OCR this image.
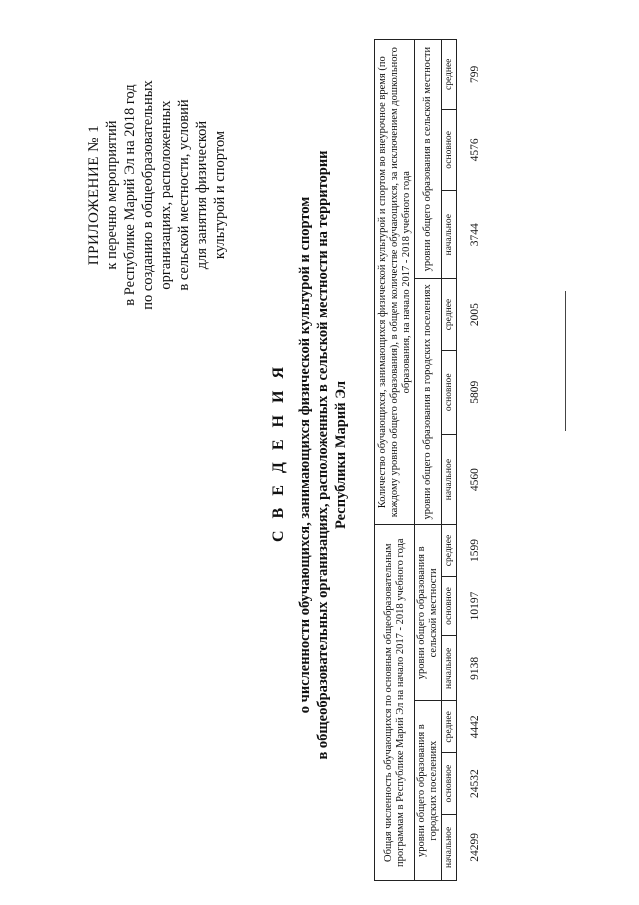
ПРИЛОЖЕНИЕ № 1 к перечню мероприятий в Республике Марий Эл на 2018 год по созданию в общеобразовательных организациях, расположенных в сельской местности, условий для занятия физической культурой и спортом
С В Е Д Е Н И Я о численности обучающихся, занимающихся физической культурой и спортом в общеобразовательных организациях, расположенных в сельской местности на территории Республики Марий Эл
Общая численность обучающихся по основным общеобразовательным программам в Республике Марий Эл на начало 2017 - 2018 учебного года						Количество обучающихся, занимающихся физической культурой и спортом во внеурочное время (по каждому уровню общего образования), в общем количестве обучающихся, за исключением дошкольного образования, на начало 2017 - 2018 учебного года					
уровни общего образования в городских поселениях			уровни общего образования в сельской местности			уровни общего образования в городских поселениях			уровни общего образования в сельской местности		
начальное	основное	среднее	начальное	основное	среднее	начальное	основное	среднее	начальное	основное	среднее
24299	24532	4442	9138	10197	1599	4560	5809	2005	3744	4576	799
